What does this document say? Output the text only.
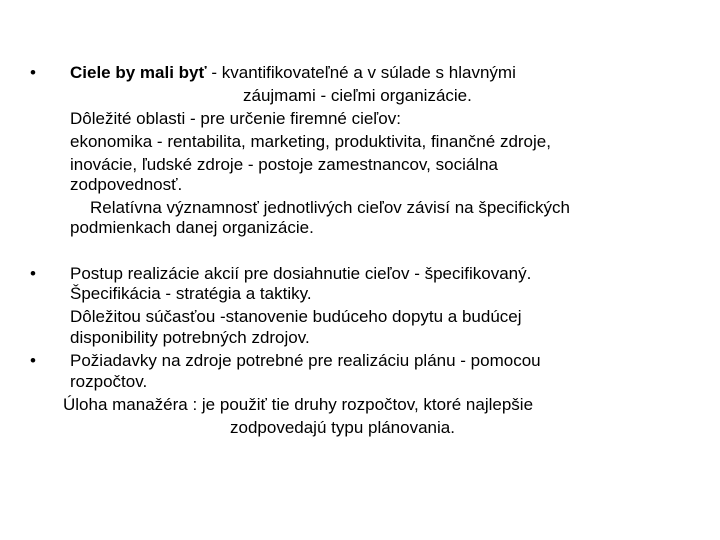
• Ciele by mali byť - kvantifikovateľné a v súlade s hlavnými
záujmami - cieľmi organizácie.
Dôležité oblasti - pre určenie firemné cieľov:
ekonomika - rentabilita, marketing, produktivita, finančné zdroje,
inovácie, ľudské zdroje - postoje zamestnancov, sociálna
zodpovednosť.
Relatívna významnosť jednotlivých cieľov závisí na špecifických
podmienkach danej organizácie.
• Postup realizácie akcií pre dosiahnutie cieľov - špecifikovaný.
Špecifikácia - stratégia a taktiky.
Dôležitou súčasťou -stanovenie budúceho dopytu a budúcej
disponibility potrebných zdrojov.
• Požiadavky na zdroje potrebné pre realizáciu plánu - pomocou
rozpočtov.
Úloha manažéra : je použiť tie druhy rozpočtov, ktoré najlepšie
zodpovedajú typu plánovania.
